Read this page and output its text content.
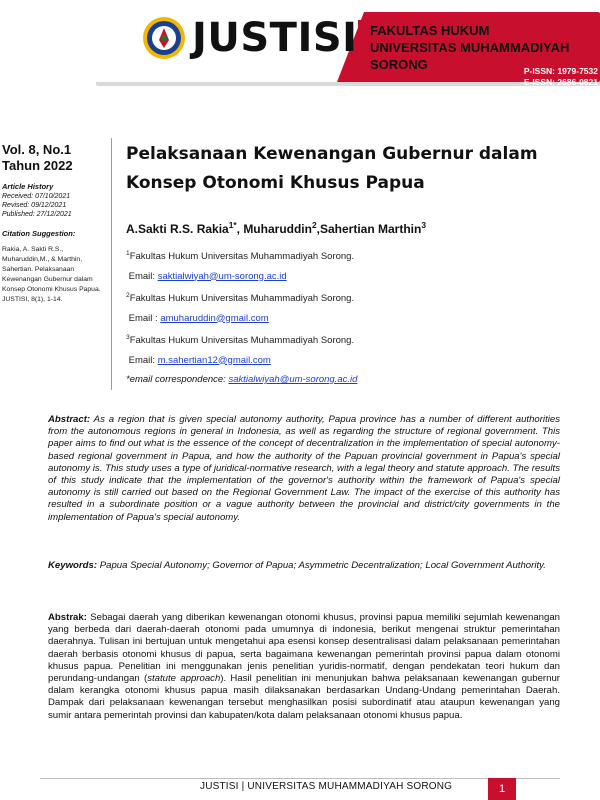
JUSTISI FAKULTAS HUKUM
UNIVERSITAS MUHAMMADIYAH SORONG	P-ISSN: 1979-7532
E-ISSN: 2686-0821
Vol. 8, No.1
Tahun 2022
Article History
Received: 07/10/2021
Revised: 09/12/2021
Published: 27/12/2021
Citation Suggestion:
Rakia, A. Sakti R.S., Muharuddin,M., & Marthin, Sahertian. Pelaksanaan Kewenangan Gubernur dalam Konsep Otonomi Khusus Papua. JUSTISI, 8(1), 1-14.
Pelaksanaan Kewenangan Gubernur dalam
Konsep Otonomi Khusus Papua
A.Sakti R.S. Rakia$^{1*}$, Muharuddin$^2$,Sahertian Marthin$^3$
$^1$Fakultas Hukum Universitas Muhammadiyah Sorong.
Email: saktialwiyah@um-sorong.ac.id
$^2$Fakultas Hukum Universitas Muhammadiyah Sorong.
Email : amuharuddin@gmail.com
$^3$Fakultas Hukum Universitas Muhammadiyah Sorong.
Email: m.sahertian12@gmail.com
*email correspondence: saktialwiyah@um-sorong.ac.id
Abstract: As a region that is given special autonomy authority, Papua province has a number of different authorities from the autonomous regions in general in Indonesia, as well as regarding the structure of regional government. This paper aims to find out what is the essence of the concept of decentralization in the implementation of special autonomy-based regional government in Papua, and how the authority of the Papuan provincial government in Papua's special autonomy is. This study uses a type of juridical-normative research, with a legal theory and statute approach. The results of this study indicate that the implementation of the governor's authority within the framework of Papua's special autonomy is still carried out based on the Regional Government Law. The impact of the exercise of this authority has resulted in a subordinate position or a vague authority between the provincial and district/city governments in the implementation of Papua's special autonomy.
Keywords: Papua Special Autonomy; Governor of Papua; Asymmetric Decentralization; Local Government Authority.
Abstrak: Sebagai daerah yang diberikan kewenangan otonomi khusus, provinsi papua memiliki sejumlah kewenangan yang berbeda dari daerah-daerah otonomi pada umumnya di indonesia, berikut mengenai struktur pemerintahan daerahnya. Tulisan ini bertujuan untuk mengetahui apa esensi konsep desentralisasi dalam pelaksanaan pemerintahan daerah berbasis otonomi khusus di papua, serta bagaimana kewenangan pemerintah provinsi papua dalam otonomi khusus papua. Penelitian ini menggunakan jenis penelitian yuridis-normatif, dengan pendekatan teori hukum dan perundang-undangan (statute approach). Hasil penelitian ini menunjukan bahwa pelaksanaan kewenangan gubernur dalam kerangka otonomi khusus papua masih dilaksanakan berdasarkan Undang-Undang pemerintahan Daerah. Dampak dari pelaksanaan kewenangan tersebut menghasilkan posisi subordinatif atau ataupun kewenangan yang sumir antara pemerintah provinsi dan kabupaten/kota dalam pelaksanaan otonomi khusus papua.
JUSTISI | UNIVERSITAS MUHAMMADIYAH SORONG	1
